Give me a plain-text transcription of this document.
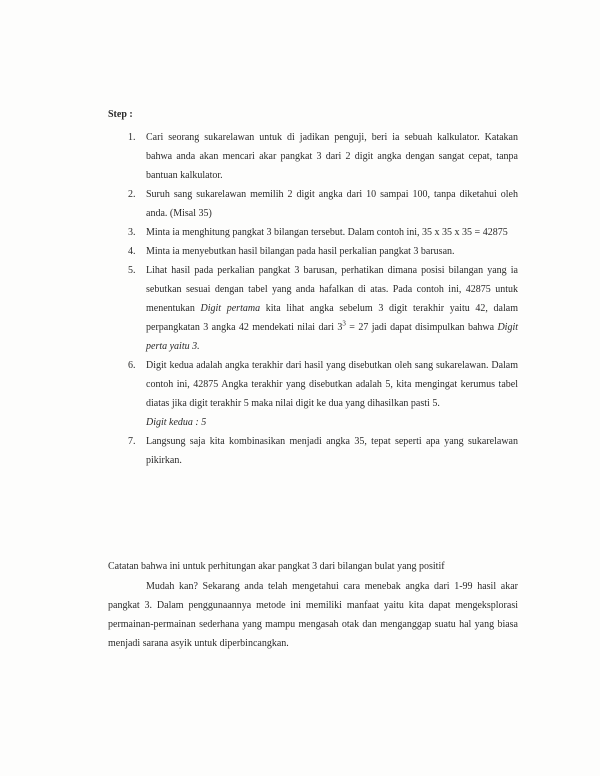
Step :
1. Cari seorang sukarelawan untuk di jadikan penguji, beri ia sebuah kalkulator. Katakan bahwa anda akan mencari akar pangkat 3 dari 2 digit angka dengan sangat cepat, tanpa bantuan kalkulator.
2. Suruh sang sukarelawan memilih 2 digit angka dari 10 sampai 100, tanpa diketahui oleh anda. (Misal 35)
3. Minta ia menghitung pangkat 3 bilangan tersebut. Dalam contoh ini, 35 x 35 x 35 = 42875
4. Minta ia menyebutkan hasil bilangan pada hasil perkalian pangkat 3 barusan.
5. Lihat hasil pada perkalian pangkat 3 barusan, perhatikan dimana posisi bilangan yang ia sebutkan sesuai dengan tabel yang anda hafalkan di atas. Pada contoh ini, 42875 untuk menentukan Digit pertama kita lihat angka sebelum 3 digit terakhir yaitu 42, dalam perpangkatan 3 angka 42 mendekati nilai dari $3^3 = 27$ jadi dapat disimpulkan bahwa Digit perta yaitu 3.
6. Digit kedua adalah angka terakhir dari hasil yang disebutkan oleh sang sukarelawan. Dalam contoh ini, 42875 Angka terakhir yang disebutkan adalah 5, kita mengingat kerumus tabel diatas jika digit terakhir 5 maka nilai digit ke dua yang dihasilkan pasti 5.
Digit kedua : 5
7. Langsung saja kita kombinasikan menjadi angka 35, tepat seperti apa yang sukarelawan pikirkan.

Catatan bahwa ini untuk perhitungan akar pangkat 3 dari bilangan bulat yang positif

Mudah kan? Sekarang anda telah mengetahui cara menebak angka dari 1-99 hasil akar pangkat 3. Dalam penggunaannya metode ini memiliki manfaat yaitu kita dapat mengeksplorasi permainan-permainan sederhana yang mampu mengasah otak dan menganggap suatu hal yang biasa menjadi sarana asyik untuk diperbincangkan.
